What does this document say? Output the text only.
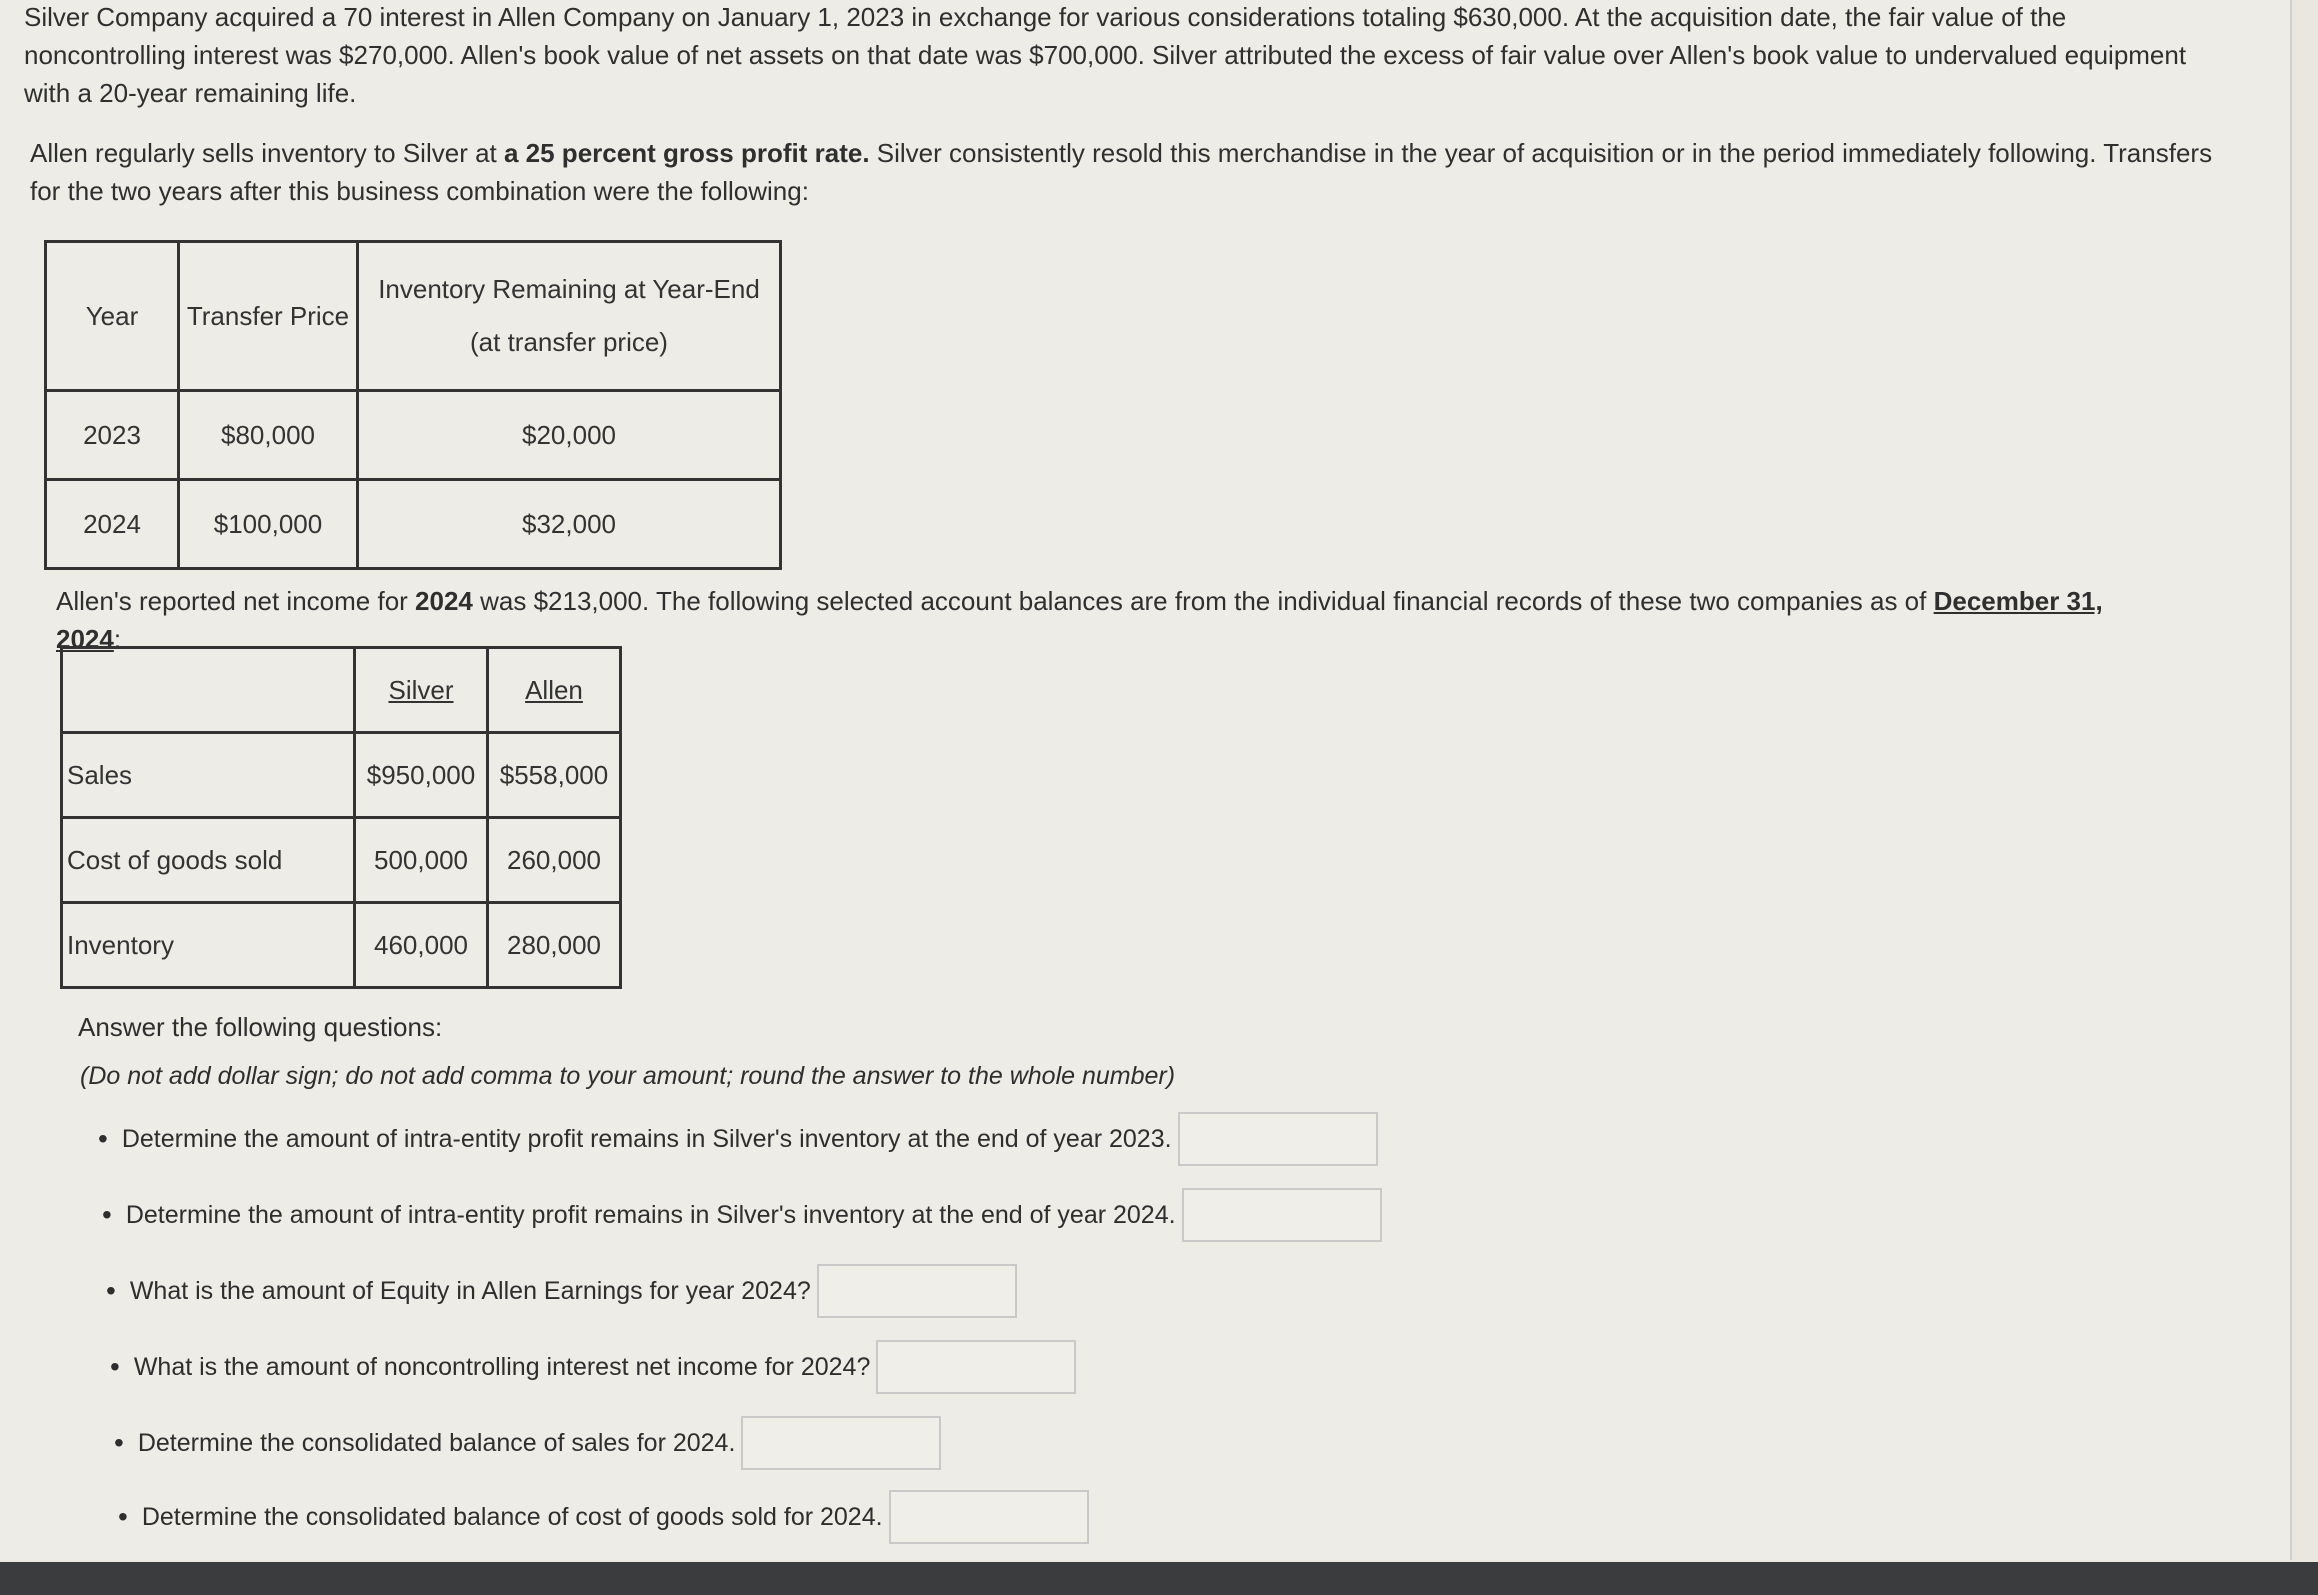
Silver Company acquired a 70 interest in Allen Company on January 1, 2023 in exchange for various considerations totaling $630,000. At the acquisition date, the fair value of the noncontrolling interest was $270,000. Allen's book value of net assets on that date was $700,000. Silver attributed the excess of fair value over Allen's book value to undervalued equipment with a 20-year remaining life.
Allen regularly sells inventory to Silver at a 25 percent gross profit rate. Silver consistently resold this merchandise in the year of acquisition or in the period immediately following. Transfers for the two years after this business combination were the following:
Year	Transfer Price	Inventory Remaining at Year-End
(at transfer price)

2023	$80,000	$20,000
2024	$100,000	$32,000
Allen's reported net income for 2024 was $213,000. The following selected account balances are from the individual financial records of these two companies as of December 31, 2024:
	Silver	Allen
Sales	$950,000	$558,000
Cost of goods sold	500,000	260,000
Inventory	460,000	280,000
Answer the following questions:
(Do not add dollar sign; do not add comma to your amount; round the answer to the whole number)
• Determine the amount of intra-entity profit remains in Silver's inventory at the end of year 2023.
• Determine the amount of intra-entity profit remains in Silver's inventory at the end of year 2024.
• What is the amount of Equity in Allen Earnings for year 2024?
• What is the amount of noncontrolling interest net income for 2024?
• Determine the consolidated balance of sales for 2024.
• Determine the consolidated balance of cost of goods sold for 2024.
